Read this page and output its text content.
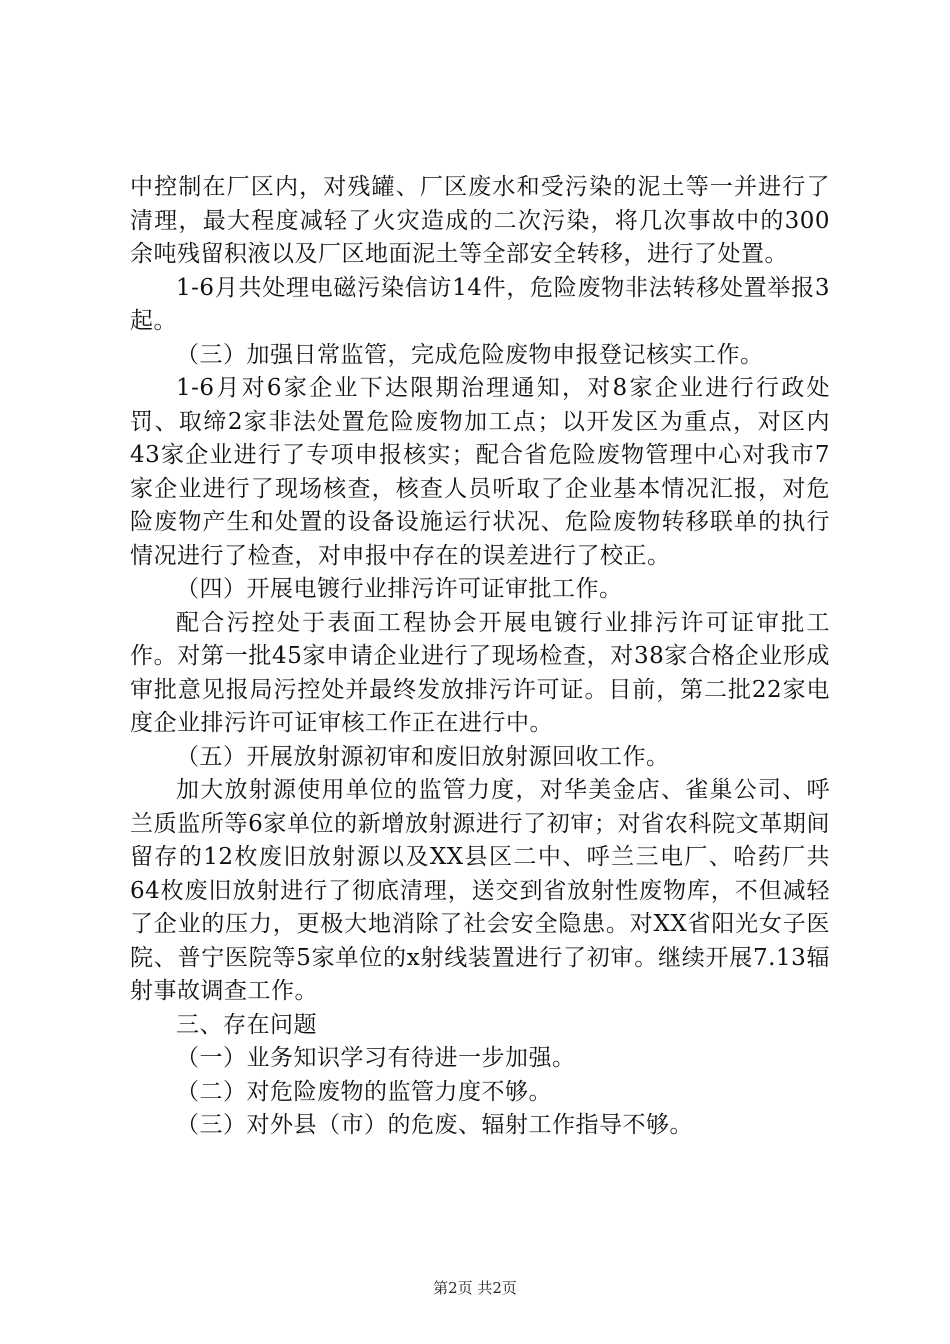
中控制在厂区内，对残罐、厂区废水和受污染的泥土等一并进行了清理，最大程度减轻了火灾造成的二次污染，将几次事故中的300余吨残留积液以及厂区地面泥土等全部安全转移，进行了处置。

1-6月共处理电磁污染信访14件，危险废物非法转移处置举报3起。

（三）加强日常监管，完成危险废物申报登记核实工作。

1-6月对6家企业下达限期治理通知，对8家企业进行行政处罚、取缔2家非法处置危险废物加工点；以开发区为重点，对区内43家企业进行了专项申报核实；配合省危险废物管理中心对我市7家企业进行了现场核查，核查人员听取了企业基本情况汇报，对危险废物产生和处置的设备设施运行状况、危险废物转移联单的执行情况进行了检查，对申报中存在的误差进行了校正。

（四）开展电镀行业排污许可证审批工作。

配合污控处于表面工程协会开展电镀行业排污许可证审批工作。对第一批45家申请企业进行了现场检查，对38家合格企业形成审批意见报局污控处并最终发放排污许可证。目前，第二批22家电度企业排污许可证审核工作正在进行中。

（五）开展放射源初审和废旧放射源回收工作。

加大放射源使用单位的监管力度，对华美金店、雀巢公司、呼兰质监所等6家单位的新增放射源进行了初审；对省农科院文革期间留存的12枚废旧放射源以及XX县区二中、呼兰三电厂、哈药厂共64枚废旧放射进行了彻底清理，送交到省放射性废物库，不但减轻了企业的压力，更极大地消除了社会安全隐患。对XX省阳光女子医院、普宁医院等5家单位的x射线装置进行了初审。继续开展7.13辐射事故调查工作。

三、存在问题

（一）业务知识学习有待进一步加强。

（二）对危险废物的监管力度不够。

（三）对外县（市）的危废、辐射工作指导不够。

第2页 共2页
